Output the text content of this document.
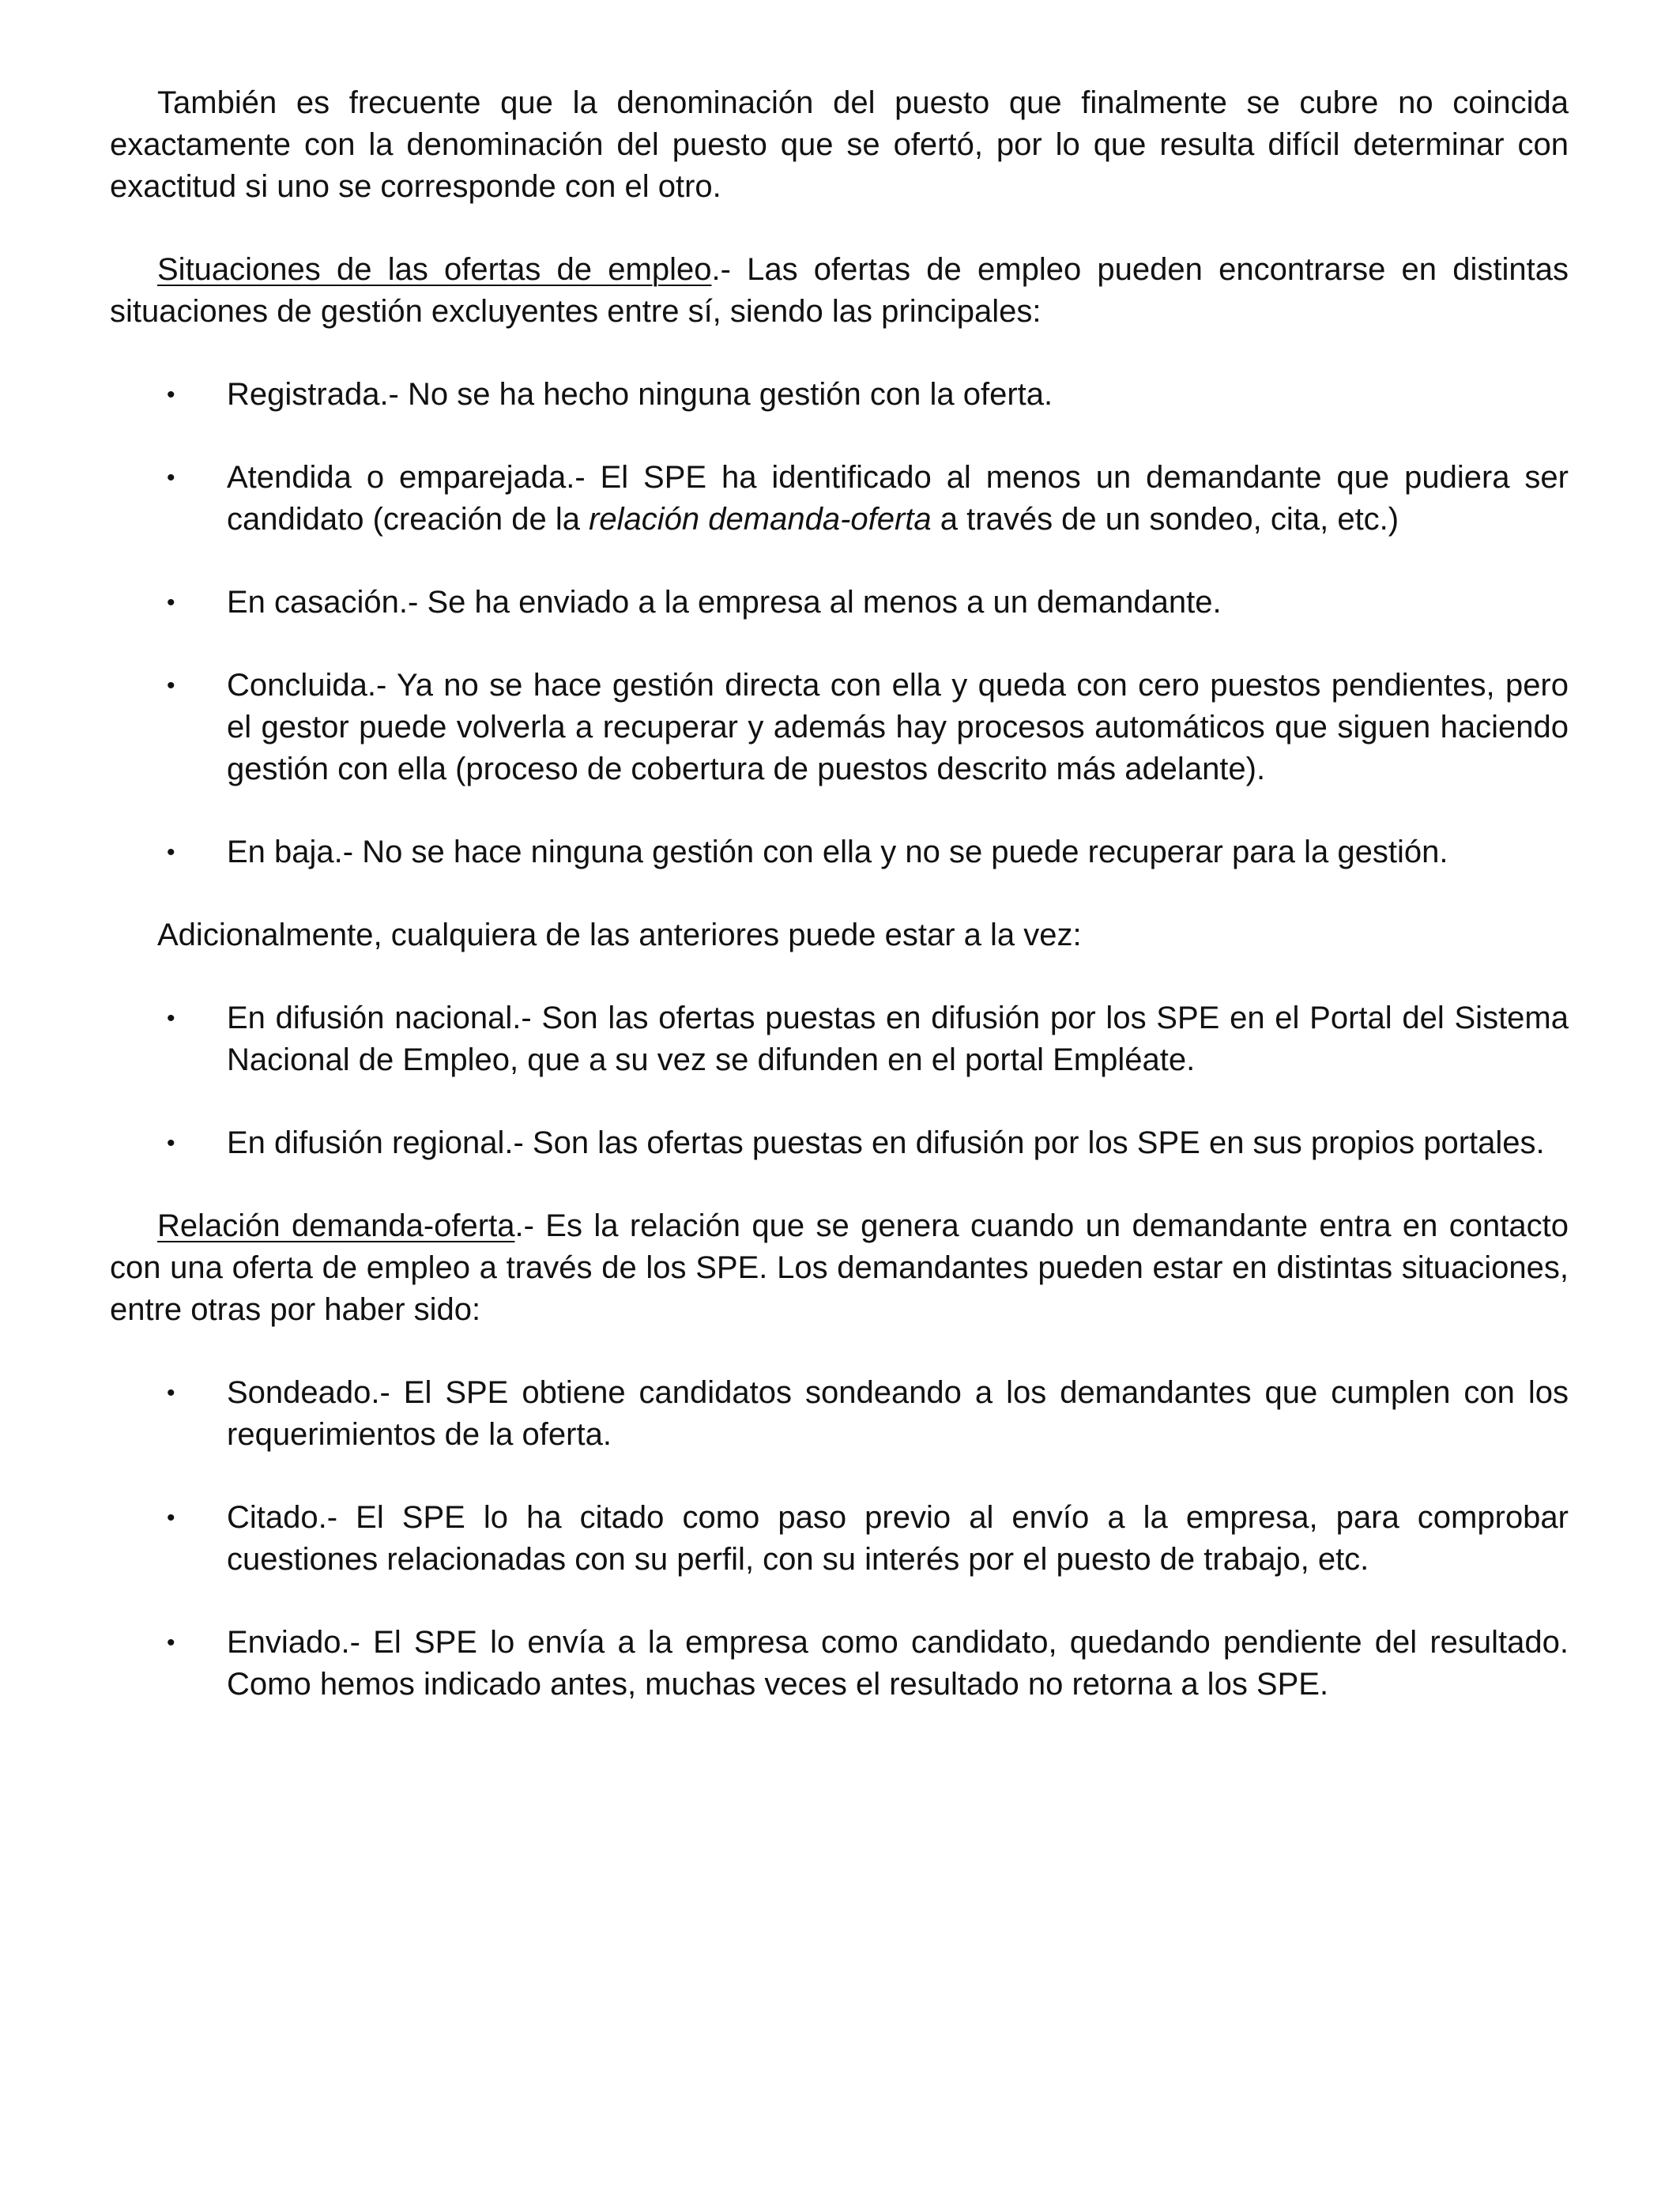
También es frecuente que la denominación del puesto que finalmente se cubre no coincida exactamente con la denominación del puesto que se ofertó, por lo que resulta difícil determinar con exactitud si uno se corresponde con el otro.

Situaciones de las ofertas de empleo.- Las ofertas de empleo pueden encontrarse en distintas situaciones de gestión excluyentes entre sí, siendo las principales:

• Registrada.- No se ha hecho ninguna gestión con la oferta.
• Atendida o emparejada.- El SPE ha identificado al menos un demandante que pudiera ser candidato (creación de la relación demanda-oferta a través de un sondeo, cita, etc.)
• En casación.- Se ha enviado a la empresa al menos a un demandante.
• Concluida.- Ya no se hace gestión directa con ella y queda con cero puestos pendientes, pero el gestor puede volverla a recuperar y además hay procesos automáticos que siguen haciendo gestión con ella (proceso de cobertura de puestos descrito más adelante).
• En baja.- No se hace ninguna gestión con ella y no se puede recuperar para la gestión.

Adicionalmente, cualquiera de las anteriores puede estar a la vez:

• En difusión nacional.- Son las ofertas puestas en difusión por los SPE en el Portal del Sistema Nacional de Empleo, que a su vez se difunden en el portal Empléate.
• En difusión regional.- Son las ofertas puestas en difusión por los SPE en sus propios portales.

Relación demanda-oferta.- Es la relación que se genera cuando un demandante entra en contacto con una oferta de empleo a través de los SPE. Los demandantes pueden estar en distintas situaciones, entre otras por haber sido:

• Sondeado.- El SPE obtiene candidatos sondeando a los demandantes que cumplen con los requerimientos de la oferta.
• Citado.- El SPE lo ha citado como paso previo al envío a la empresa, para comprobar cuestiones relacionadas con su perfil, con su interés por el puesto de trabajo, etc.
• Enviado.- El SPE lo envía a la empresa como candidato, quedando pendiente del resultado. Como hemos indicado antes, muchas veces el resultado no retorna a los SPE.
